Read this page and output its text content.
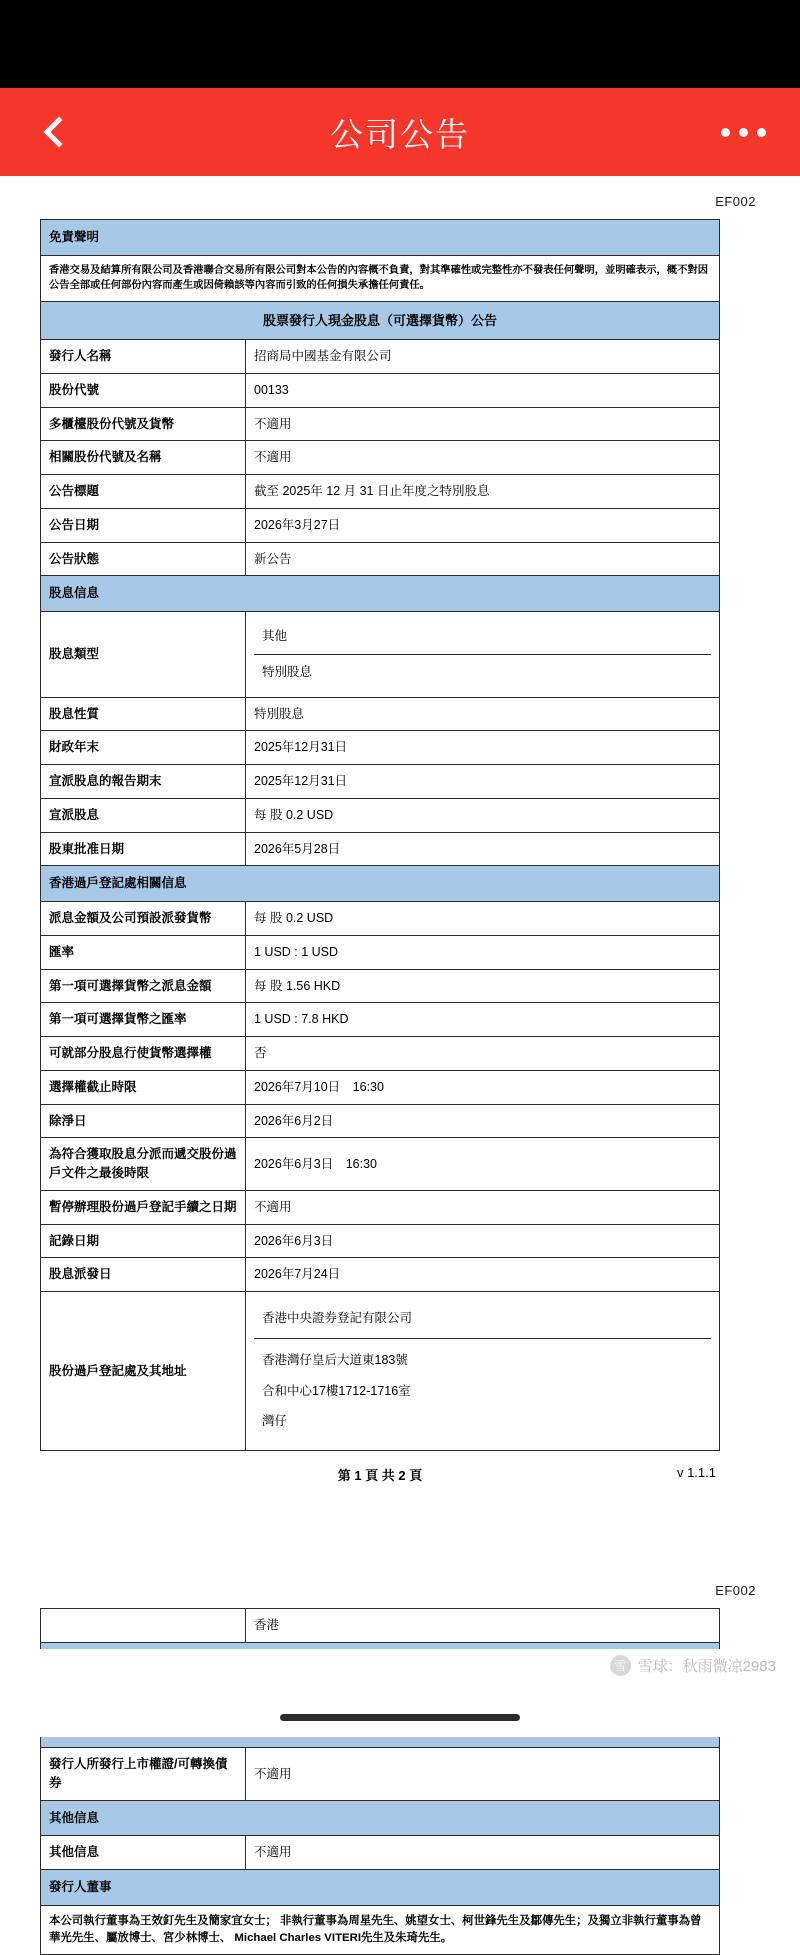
公司公告
EF002
免責聲明	
香港交易及結算所有限公司及香港聯合交易所有限公司對本公告的內容概不負責，對其準確性或完整性亦不發表任何聲明，並明確表示，概不對因公告全部或任何部份內容而產生或因倚賴該等內容而引致的任何損失承擔任何責任。	
股票發行人現金股息（可選擇貨幣）公告	
發行人名稱	招商局中國基金有限公司
股份代號	00133
多櫃檯股份代號及貨幣	不適用
相關股份代號及名稱	不適用
公告標題	截至 2025年 12 月 31 日止年度之特別股息
公告日期	2026年3月27日
公告狀態	新公告
股息信息	
股息類型	其他
特別股息

股息性質	特別股息
財政年末	2025年12月31日
宣派股息的報告期末	2025年12月31日
宣派股息	每 股 0.2 USD
股東批准日期	2026年5月28日
香港過戶登記處相關信息	
派息金額及公司預設派發貨幣	每 股 0.2 USD
匯率	1 USD : 1 USD
第一項可選擇貨幣之派息金額	每 股 1.56 HKD
第一項可選擇貨幣之匯率	1 USD : 7.8 HKD
可就部分股息行使貨幣選擇權	否
選擇權截止時限	2026年7月10日　16:30
除淨日	2026年6月2日
為符合獲取股息分派而遞交股份過戶文件之最後時限	2026年6月3日　16:30
暫停辦理股份過戶登記手續之日期	不適用
記錄日期	2026年6月3日
股息派發日	2026年7月24日
股份過戶登記處及其地址	香港中央證券登記有限公司
香港灣仔皇后大道東183號
合和中心17樓1712-1716室
灣仔
第 1 頁 共 2 頁	v 1.1.1
EF002
	香港

發行人所發行上市權證/可轉換債券	不適用
其他信息	
其他信息	不適用
發行人董事	
本公司執行董事為王效釘先生及簡家宜女士； 非執行董事為周星先生、姚望女士、柯世鋒先生及鄒傳先生；及獨立非執行董事為曾華光先生、屬放博士、宮少林博士、 Michael Charles VITERI先生及朱琦先生。	
雪 雪球：秋雨微凉2983
